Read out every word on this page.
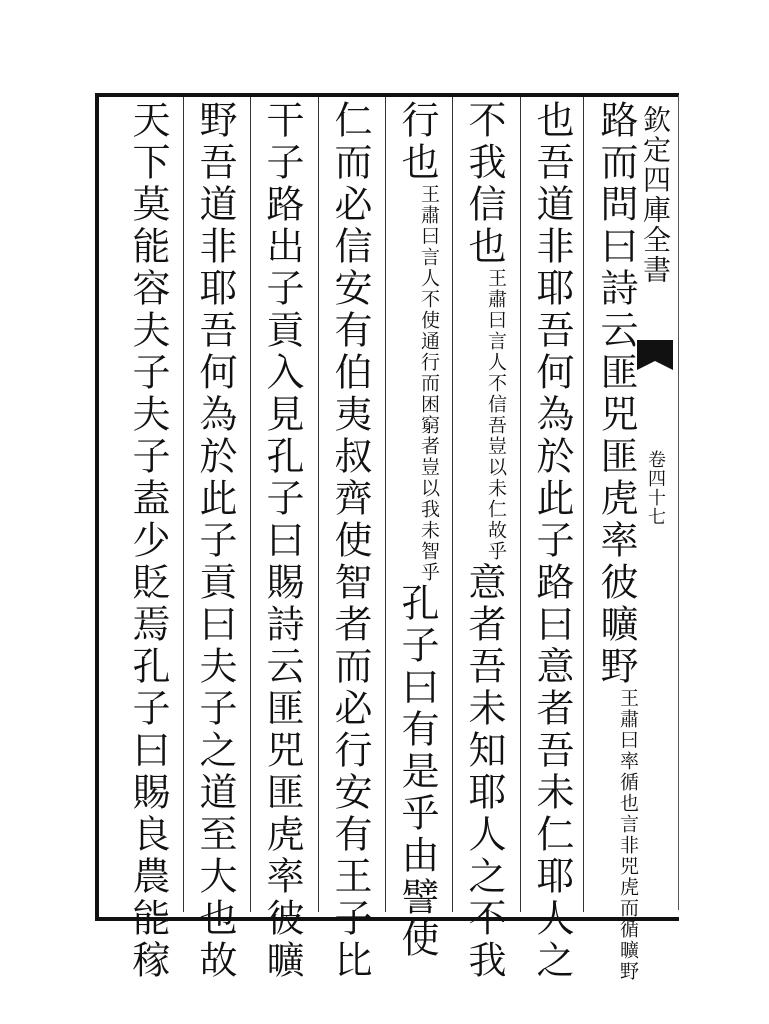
欽定四庫全書
卷四十七
路而問曰詩云匪兕匪虎率彼曠野王肅曰率循也言非兕虎而循曠野
也吾道非耶吾何為於此子路曰意者吾未仁耶人之
不我信也王肅曰言人不信吾豈以未仁故乎意者吾未知耶人之不我
行也王肅曰言人不使通行而困窮者豈以我未智乎孔子曰有是乎由譬使
仁而必信安有伯夷叔齊使智者而必行安有王子比
干子路出子貢入見孔子曰賜詩云匪兕匪虎率彼曠
野吾道非耶吾何為於此子貢曰夫子之道至大也故
天下莫能容夫子夫子盍少貶焉孔子曰賜良農能稼
